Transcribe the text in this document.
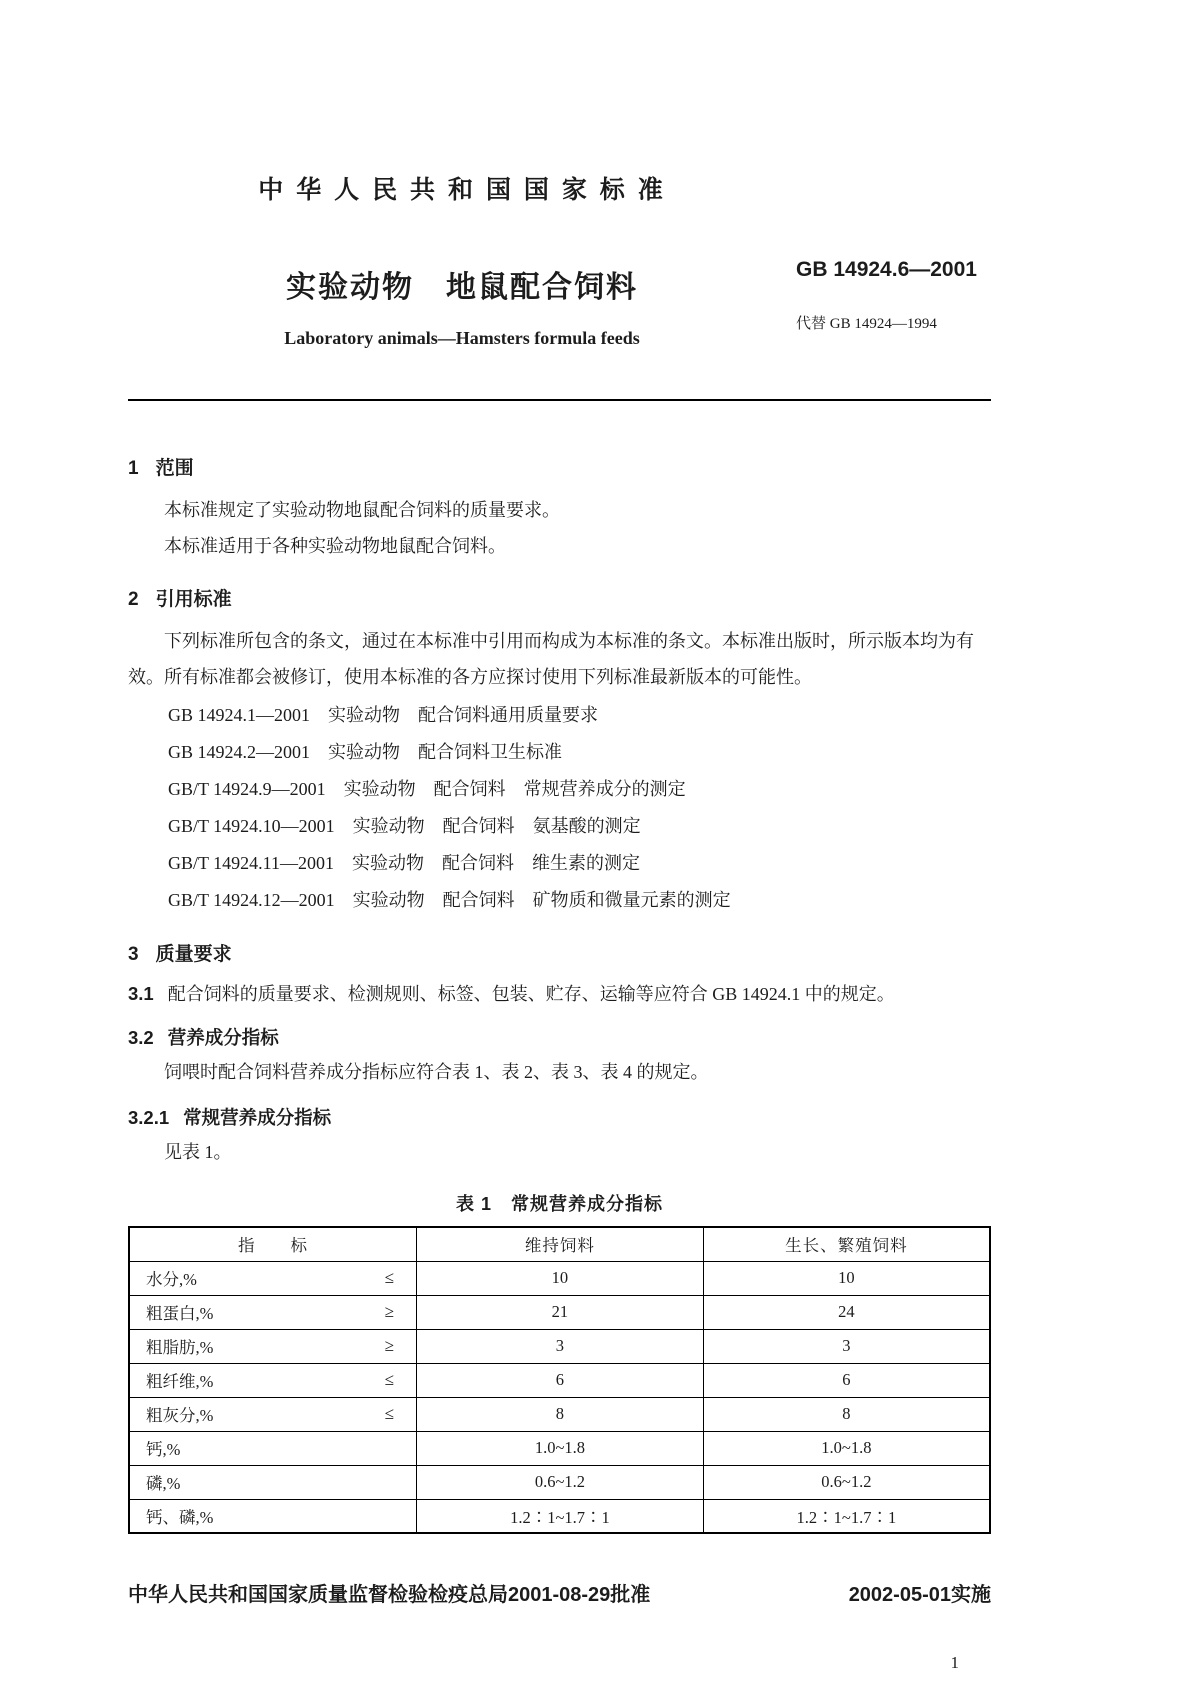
中 华 人 民 共 和 国 国 家 标 准
实验动物　地鼠配合饲料
Laboratory animals—Hamsters formula feeds
GB 14924.6—2001
代替 GB 14924—1994
1 范围

本标准规定了实验动物地鼠配合饲料的质量要求。

本标准适用于各种实验动物地鼠配合饲料。

2 引用标准

下列标准所包含的条文，通过在本标准中引用而构成为本标准的条文。本标准出版时，所示版本均为有效。所有标准都会被修订，使用本标准的各方应探讨使用下列标准最新版本的可能性。

GB 14924.1—2001　实验动物　配合饲料通用质量要求
GB 14924.2—2001　实验动物　配合饲料卫生标准
GB/T 14924.9—2001　实验动物　配合饲料　常规营养成分的测定
GB/T 14924.10—2001　实验动物　配合饲料　氨基酸的测定
GB/T 14924.11—2001　实验动物　配合饲料　维生素的测定
GB/T 14924.12—2001　实验动物　配合饲料　矿物质和微量元素的测定
3 质量要求
3.1 配合饲料的质量要求、检测规则、标签、包装、贮存、运输等应符合 GB 14924.1 中的规定。
3.2 营养成分指标

饲喂时配合饲料营养成分指标应符合表 1、表 2、表 3、表 4 的规定。

3.2.1 常规营养成分指标

见表 1。

表 1　常规营养成分指标
指　　标	维持饲料	生长、繁殖饲料

水分,% ≤	10	10

粗蛋白,% ≥	21	24

粗脂肪,% ≥	3	3

粗纤维,% ≤	6	6

粗灰分,% ≤	8	8

钙,%	1.0~1.8	1.0~1.8

磷,%	0.6~1.2	0.6~1.2

钙、磷,%	1.2∶1~1.7∶1	1.2∶1~1.7∶1
中华人民共和国国家质量监督检验检疫总局2001-08-29批准	2002-05-01实施
1
